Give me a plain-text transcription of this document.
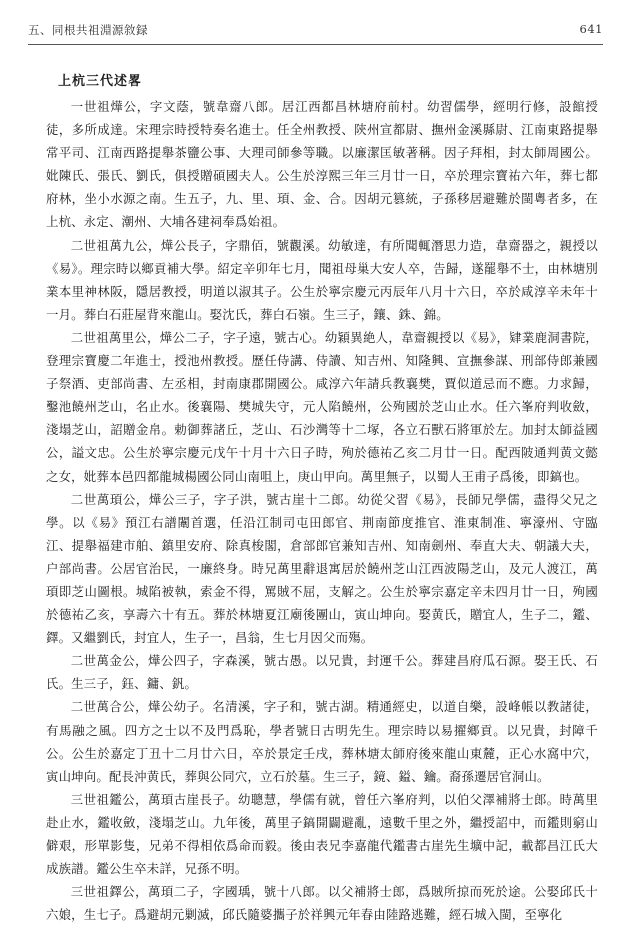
五、同根共祖淵源敘録	641
上杭三代述畧

一世祖燁公，字文蔭，號韋齋八郎。居江西都昌林塘府前村。幼習儒學，經明行修，設館授徒，多所成達。宋理宗時授特奏名進士。任全州教授、陝州宣都尉、撫州金溪縣尉、江南東路提舉常平司、江南西路提舉茶鹽公事、大理司師參等職。以廉潔匡敏著稱。因子拜相，封太師周國公。妣陳氏、張氏、劉氏，俱授贈碩國夫人。公生於淳熙三年三月廿一日，卒於理宗寶祐六年，葬七都府林，坐小水源之南。生五子，九、里、頊、金、合。因胡元篡統，子孫移居避難於閩粵者多，在上杭、永定、潮州、大埔各建祠奉爲始祖。

二世祖萬九公，燁公長子，字鼎佰，號觀溪。幼敏達，有所聞輒潛思力造，韋齋器之，親授以《易》。理宗時以鄉貢補大學。紹定辛卯年七月，聞祖母巢大安人卒，告歸，遂罷舉不士，由林塘別業本里神林阪，隱居教授，明道以淑其子。公生於寧宗慶元丙辰年八月十六日，卒於咸淳辛未年十一月。葬白石莊屋背來龍山。娶沈氏，葬白石嶺。生三子，鑲、銖、錦。

二世祖萬里公，燁公二子，字子遠，號古心。幼穎異絶人，韋齋親授以《易》，肄業鹿洞書院，登理宗寶慶二年進士，授池州教授。歷任侍講、侍讀、知吉州、知隆興、宣撫參謀、刑部侍郎兼國子祭酒、吏部尚書、左丞相，封南康郡開國公。咸淳六年請兵教襄樊，賈似道忌而不應。力求歸，鑿池饒州芝山，名止水。後襄陽、樊城失守，元人陷饒州，公殉國於芝山止水。任六峯府判收斂，淺塌芝山，詔贈金帛。勅御葬諸丘，芝山、石沙灣等十二塚，各立石獸石將軍於左。加封太師益國公，謚文忠。公生於寧宗慶元戊午十月十六日子時，殉於德祐乙亥二月廿一日。配西陂通判黄文懿之女，妣葬本邑四都龍城楊國公同山南咀上，庚山甲向。萬里無子，以蜀人王甫子爲後，即鎬也。

二世萬頊公，燁公三子，字子洪，號古崖十二郎。幼從父習《易》，長師兄學儒，盡得父兄之學。以《易》預江右譜闈首選，任沿江制司屯田郎官、荆南節度推官、淮東制准、寧濠州、守臨江、提舉福建市舶、鎮里安府、除真梭閣，倉部郎官兼知吉州、知南劍州、奉直大夫、朝議大夫，户部尚書。公居官治民，一廉終身。時兄萬里辭退寓居於饒州芝山江西波陽芝山，及元人渡江，萬頊即芝山圖根。城陷被執，索金不得，罵賊不屈，支解之。公生於寧宗嘉定辛未四月廿一日，殉國於德祐乙亥，享壽六十有五。葬於林塘夏江廟後團山，寅山坤向。娶黄氏，贈宜人，生子二，鑑、鐸。又繼劉氏，封宜人，生子一，昌翁，生七月因父而殤。

二世萬金公，燁公四子，字森溪，號古愚。以兄貴，封運千公。葬建昌府瓜石源。娶王氏、石氏。生三子，鈺、鏞、釩。

二世萬合公，燁公幼子。名清溪，字子和，號古湖。精通經史，以道自樂，設峰帳以教諸徒，有馬融之風。四方之士以不及門爲恥，學者號日古明先生。理宗時以易擢鄉貢。以兄貴，封障千公。公生於嘉定丁丑十二月廿六日，卒於景定壬戌，葬林塘太師府後來龍山東麓，正心水窩中穴，寅山坤向。配長沖黄氏，葬與公同穴，立石於墓。生三子，鏡、鎰、鑰。裔孫遷居官洞山。

三世祖鑑公，萬頊古崖長子。幼聰慧，學儒有就，曾任六峯府判，以伯父澤補將士郎。時萬里赴止水，鑑收斂，淺塌芝山。九年後，萬里子鎬開闢避亂，遠數千里之外，繼授詔中，而鑑則窮山僻艰，形單影隻，兄弟不得相依爲命而毅。後由表兄李嘉龍代鑑書古崖先生壙中記，載都昌江氏大成族譜。鑑公生卒未詳，兄孫不明。

三世祖鐸公，萬頊二子，字國瑀，號十八郎。以父補將士郎，爲賊所掠而死於途。公娶邱氏十六娘，生七子。爲避胡元剿滅，邱氏隨婆攜子於祥興元年春由陸路逃難，經石城入閩，至寧化
